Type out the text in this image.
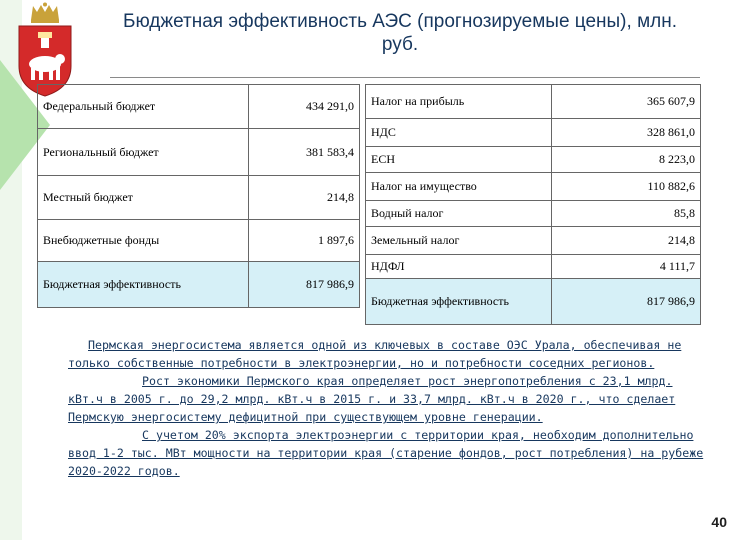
Бюджетная эффективность АЭС (прогнозируемые цены), млн. руб.
Федеральный бюджет	434 291,0
Региональный бюджет	381 583,4
Местный бюджет	214,8
Внебюджетные фонды	1 897,6
Бюджетная эффективность	817 986,9
Налог на прибыль	365 607,9
НДС	328 861,0
ЕСН	8 223,0
Налог на имущество	110 882,6
Водный налог	85,8
Земельный налог	214,8
НДФЛ	4 111,7
Бюджетная эффективность	817 986,9

Пермская энергосистема является одной из ключевых в составе ОЭС Урала, обеспечивая не только собственные потребности в электроэнергии, но и потребности соседних регионов.

Рост экономики Пермского края определяет рост энергопотребления с 23,1 млрд. кВт.ч в 2005 г. до 29,2 млрд. кВт.ч в 2015 г. и 33,7 млрд. кВт.ч в 2020 г., что сделает Пермскую энергосистему дефицитной при существующем уровне генерации.

С учетом 20% экспорта электроэнергии с территории края, необходим дополнительно ввод 1-2 тыс. МВт мощности на территории края (старение фондов, рост потребления) на рубеже 2020-2022 годов.

40
